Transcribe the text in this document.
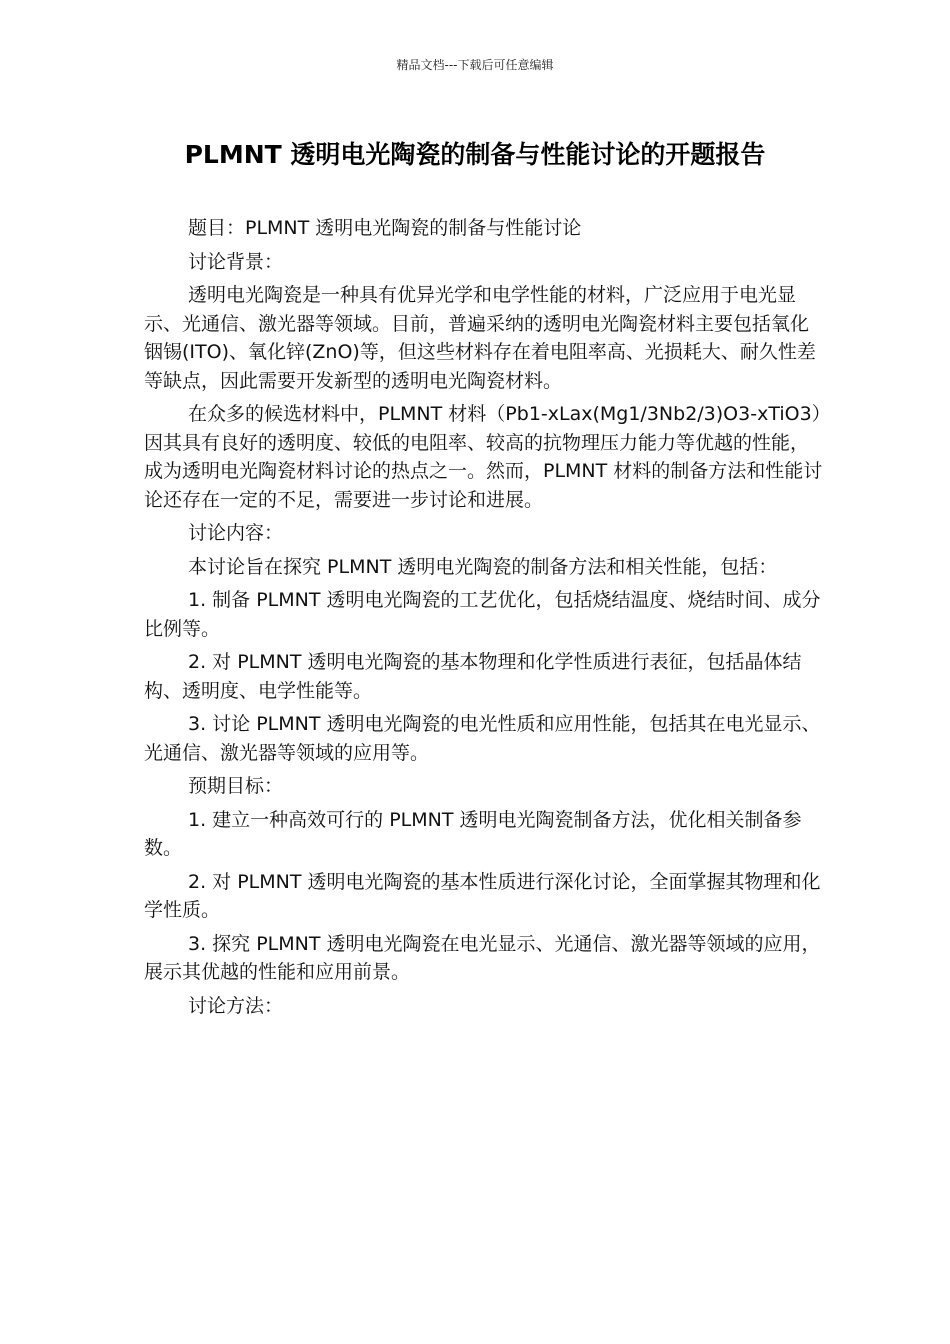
精品文档---下载后可任意编辑
PLMNT 透明电光陶瓷的制备与性能讨论的开题报告

题目：PLMNT 透明电光陶瓷的制备与性能讨论

讨论背景：

透明电光陶瓷是一种具有优异光学和电学性能的材料，广泛应用于电光显示、光通信、激光器等领域。目前，普遍采纳的透明电光陶瓷材料主要包括氧化铟锡(ITO)、氧化锌(ZnO)等，但这些材料存在着电阻率高、光损耗大、耐久性差等缺点，因此需要开发新型的透明电光陶瓷材料。

在众多的候选材料中，PLMNT 材料（Pb1-xLax(Mg1/3Nb2/3)O3-xTiO3）因其具有良好的透明度、较低的电阻率、较高的抗物理压力能力等优越的性能，成为透明电光陶瓷材料讨论的热点之一。然而，PLMNT 材料的制备方法和性能讨论还存在一定的不足，需要进一步讨论和进展。

讨论内容：

本讨论旨在探究 PLMNT 透明电光陶瓷的制备方法和相关性能，包括：

1. 制备 PLMNT 透明电光陶瓷的工艺优化，包括烧结温度、烧结时间、成分比例等。

2. 对 PLMNT 透明电光陶瓷的基本物理和化学性质进行表征，包括晶体结构、透明度、电学性能等。

3. 讨论 PLMNT 透明电光陶瓷的电光性质和应用性能，包括其在电光显示、光通信、激光器等领域的应用等。

预期目标：

1. 建立一种高效可行的 PLMNT 透明电光陶瓷制备方法，优化相关制备参数。

2. 对 PLMNT 透明电光陶瓷的基本性质进行深化讨论，全面掌握其物理和化学性质。

3. 探究 PLMNT 透明电光陶瓷在电光显示、光通信、激光器等领域的应用，展示其优越的性能和应用前景。

讨论方法：
